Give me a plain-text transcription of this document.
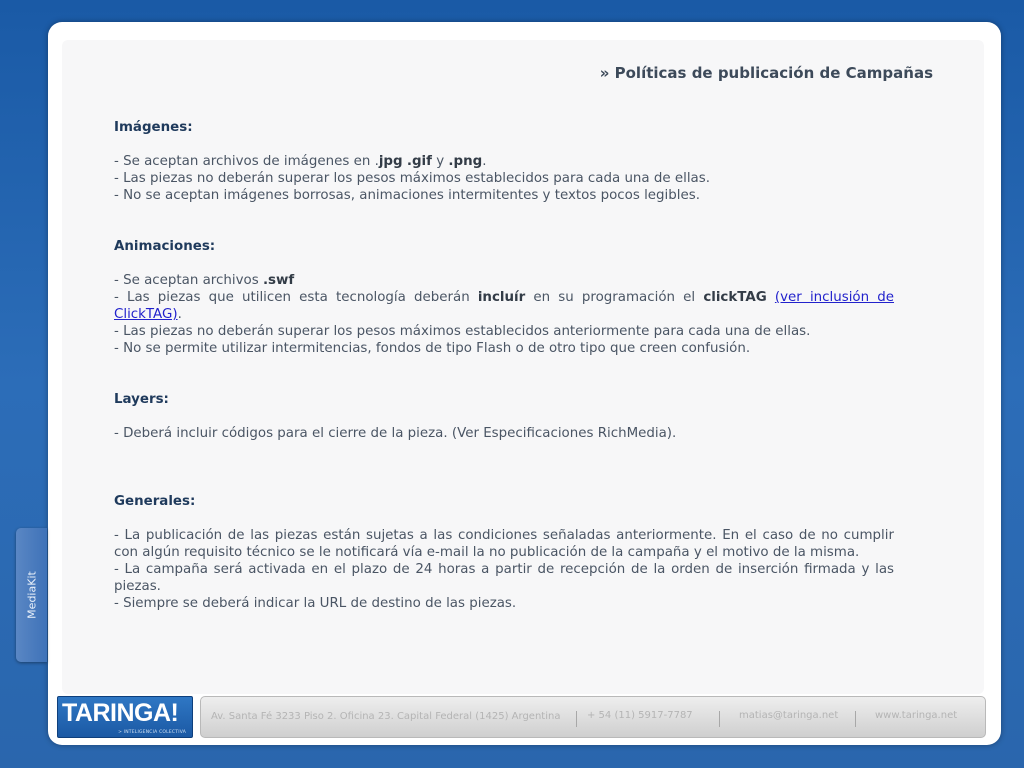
» Políticas de publicación de Campañas
Imágenes:

- Se aceptan archivos de imágenes en .jpg .gif y .png.

- Las piezas no deberán superar los pesos máximos establecidos para cada una de ellas.

- No se aceptan imágenes borrosas, animaciones intermitentes y textos pocos legibles.

Animaciones:

- Se aceptan archivos .swf

- Las piezas que utilicen esta tecnología deberán incluír en su programación el clickTAG (ver inclusión de ClickTAG).

- Las piezas no deberán superar los pesos máximos establecidos anteriormente para cada una de ellas.

- No se permite utilizar intermitencias, fondos de tipo Flash o de otro tipo que creen confusión.

Layers:

- Deberá incluir códigos para el cierre de la pieza. (Ver Especificaciones RichMedia).

Generales:

- La publicación de las piezas están sujetas a las condiciones señaladas anteriormente. En el caso de no cumplir con algún requisito técnico se le notificará vía e-mail la no publicación de la campaña y el motivo de la misma.

- La campaña será activada en el plazo de 24 horas a partir de recepción de la orden de inserción firmada y las piezas.

- Siempre se deberá indicar la URL de destino de las piezas.

MediaKit
TARINGA!
> INTELIGENCIA COLECTIVA
Av. Santa Fé 3233 Piso 2. Oficina 23. Capital Federal (1425) Argentina	+ 54 (11) 5917-7787	matias@taringa.net	www.taringa.net
